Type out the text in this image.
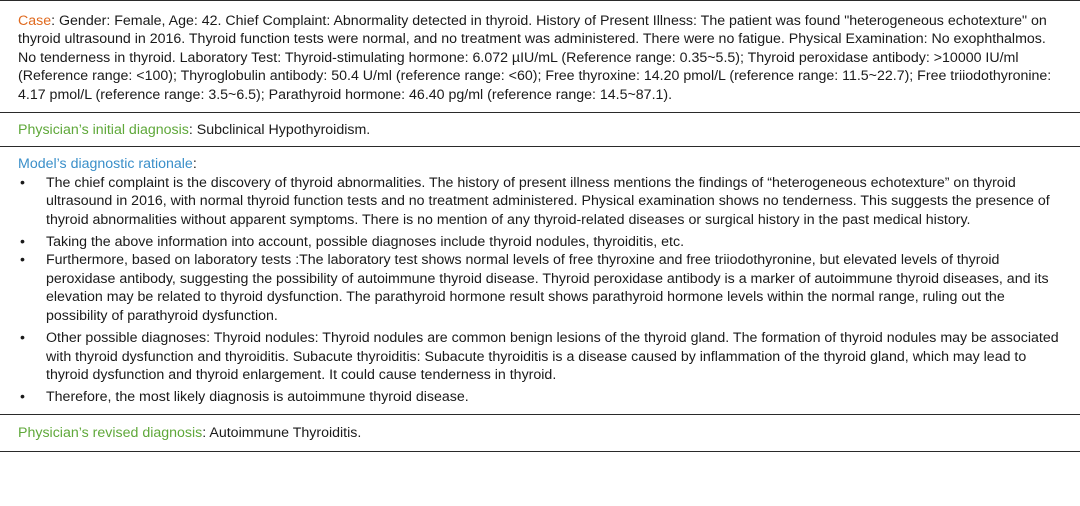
Case: Gender: Female, Age: 42. Chief Complaint: Abnormality detected in thyroid. History of Present Illness: The patient was found "heterogeneous echotexture" on thyroid ultrasound in 2016. Thyroid function tests were normal, and no treatment was administered. There were no fatigue. Physical Examination: No exophthalmos. No tenderness in thyroid. Laboratory Test: Thyroid-stimulating hormone: 6.072 µIU/mL (Reference range: 0.35~5.5); Thyroid peroxidase antibody: >10000 IU/ml (Reference range: <100); Thyroglobulin antibody: 50.4 U/ml (reference range: <60); Free thyroxine: 14.20 pmol/L (reference range: 11.5~22.7); Free triiodothyronine: 4.17 pmol/L (reference range: 3.5~6.5); Parathyroid hormone: 46.40 pg/ml (reference range: 14.5~87.1).
Physician’s initial diagnosis: Subclinical Hypothyroidism.
Model’s diagnostic rationale:
• The chief complaint is the discovery of thyroid abnormalities. The history of present illness mentions the findings of “heterogeneous echotexture” on thyroid ultrasound in 2016, with normal thyroid function tests and no treatment administered. Physical examination shows no tenderness. This suggests the presence of thyroid abnormalities without apparent symptoms. There is no mention of any thyroid-related diseases or surgical history in the past medical history.
• Taking the above information into account, possible diagnoses include thyroid nodules, thyroiditis, etc.
• Furthermore, based on laboratory tests :The laboratory test shows normal levels of free thyroxine and free triiodothyronine, but elevated levels of thyroid peroxidase antibody, suggesting the possibility of autoimmune thyroid disease. Thyroid peroxidase antibody is a marker of autoimmune thyroid diseases, and its elevation may be related to thyroid dysfunction. The parathyroid hormone result shows parathyroid hormone levels within the normal range, ruling out the possibility of parathyroid dysfunction.
• Other possible diagnoses: Thyroid nodules: Thyroid nodules are common benign lesions of the thyroid gland. The formation of thyroid nodules may be associated with thyroid dysfunction and thyroiditis. Subacute thyroiditis: Subacute thyroiditis is a disease caused by inflammation of the thyroid gland, which may lead to thyroid dysfunction and thyroid enlargement. It could cause tenderness in thyroid.
• Therefore, the most likely diagnosis is autoimmune thyroid disease.
Physician’s revised diagnosis: Autoimmune Thyroiditis.
